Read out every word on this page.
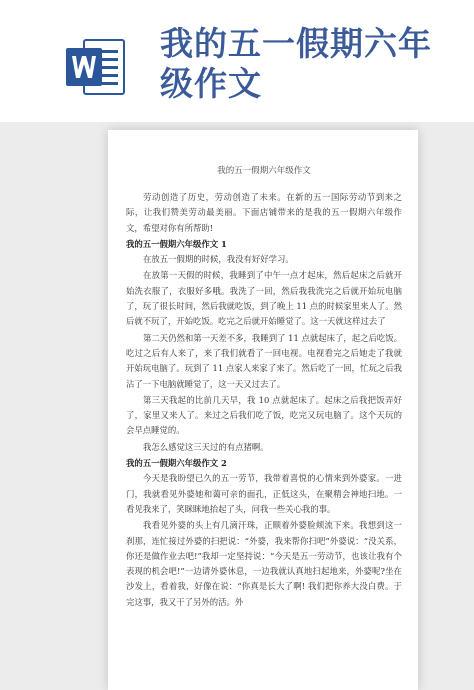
我的五一假期六年级作文
我的五一假期六年级作文

劳动创造了历史，劳动创造了未来。在新的五一国际劳动节到来之际，让我们赞美劳动最美丽。下面店铺带来的是我的五一假期六年级作文，希望对你有所帮助!

我的五一假期六年级作文 1

在放五一假期的时候，我没有好好学习。

在放第一天假的时候，我睡到了中午一点才起床，然后起床之后就开始洗衣服了，衣服好多哦。我洗了一回，然后我我洗完之后就开始玩电脑了，玩了很长时间，然后我就吃饭，到了晚上 11 点的时候家里来人了。然后就不玩了，开始吃饭。吃完之后就开始睡觉了。这一天就这样过去了

第二天仍然和第一天差不多，我睡到了 11 点就起床了，起之后吃饭。吃过之后有人来了，来了我们就看了一回电视。电视看完之后她走了我就开始玩电脑了。玩到了 11 点家人来家了来了。然后吃了一回，忙玩之后我沾了一下电脑就睡觉了，这一天又过去了。

第三天我起的比前几天早，我 10 点就起床了。起床之后我把饭弄好了，家里又来人了。来过之后我们吃了饭，吃完又玩电脑了。这个天玩的会早点睡觉的。

我怎么感觉这三天过的有点猪啊。

我的五一假期六年级作文 2

今天是我盼望已久的五一劳节，我带着喜悦的心情来到外婆家。一进门，我就看见外婆她和蔼可亲的面孔，正低这头，在聚精会神地扫地。一看见我来了，笑眯眯地抬起了头，问我一些关心我的事。

我看见外婆的头上有几滴汗珠，正顺着外婆脸颊流下来。我想到这一刹那，连忙接过外婆的扫把说：“外婆，我来帮你扫吧”外婆说：“没关系，你还是做作业去吧!”我却一定坚持说：“今天是五一劳动节，也该让我有个表现的机会吧!”一边请外婆休息，一边我就认真地扫起地来，外婆呢?坐在沙发上，看着我，好像在说：“你真是长大了啊! 我们把你养大没白费。于完这事，我又干了另外的活。外
